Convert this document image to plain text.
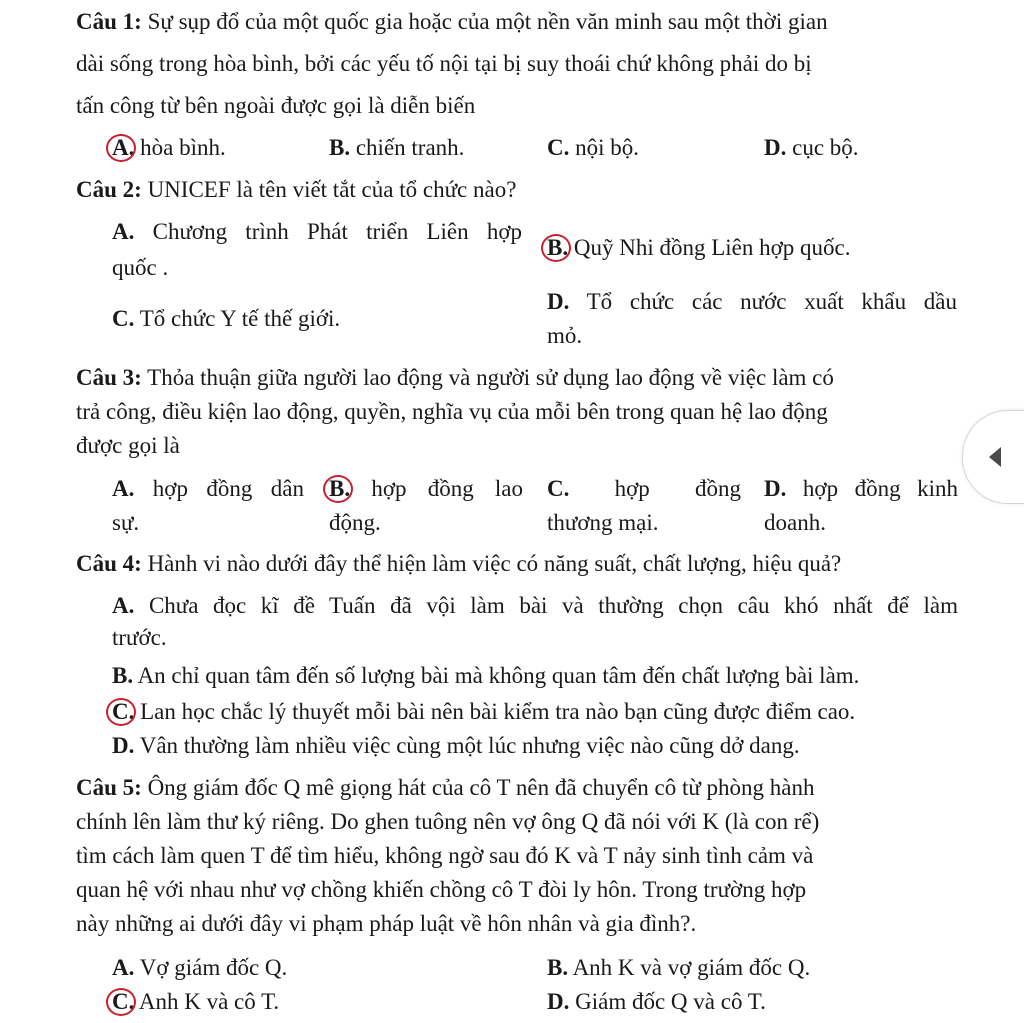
Câu 1: Sự sụp đổ của một quốc gia hoặc của một nền văn minh sau một thời gian
dài sống trong hòa bình, bởi các yếu tố nội tại bị suy thoái chứ không phải do bị
tấn công từ bên ngoài được gọi là diễn biến
A. hòa bình.	B. chiến tranh.	C. nội bộ.	D. cục bộ.
Câu 2: UNICEF là tên viết tắt của tổ chức nào?
A. Chương trình Phát triển Liên hợp
quốc .
B. Quỹ Nhi đồng Liên hợp quốc.
C. Tổ chức Y tế thế giới.
D. Tổ chức các nước xuất khẩu dầu
mỏ.
Câu 3: Thỏa thuận giữa người lao động và người sử dụng lao động về việc làm có
trả công, điều kiện lao động, quyền, nghĩa vụ của mỗi bên trong quan hệ lao động
được gọi là
A. hợp đồng dân
sự.
B. hợp đồng lao
động.
C. hợp đồng
thương mại.
D. hợp đồng kinh
doanh.
Câu 4: Hành vi nào dưới đây thể hiện làm việc có năng suất, chất lượng, hiệu quả?
A. Chưa đọc kĩ đề Tuấn đã vội làm bài và thường chọn câu khó nhất để làm
trước.
B. An chỉ quan tâm đến số lượng bài mà không quan tâm đến chất lượng bài làm.
C. Lan học chắc lý thuyết mỗi bài nên bài kiểm tra nào bạn cũng được điểm cao.
D. Vân thường làm nhiều việc cùng một lúc nhưng việc nào cũng dở dang.
Câu 5: Ông giám đốc Q mê giọng hát của cô T nên đã chuyển cô từ phòng hành
chính lên làm thư ký riêng. Do ghen tuông nên vợ ông Q đã nói với K (là con rể)
tìm cách làm quen T để tìm hiểu, không ngờ sau đó K và T nảy sinh tình cảm và
quan hệ với nhau như vợ chồng khiến chồng cô T đòi ly hôn. Trong trường hợp
này những ai dưới đây vi phạm pháp luật về hôn nhân và gia đình?.
A. Vợ giám đốc Q.	B. Anh K và vợ giám đốc Q.
C. Anh K và cô T.	D. Giám đốc Q và cô T.
